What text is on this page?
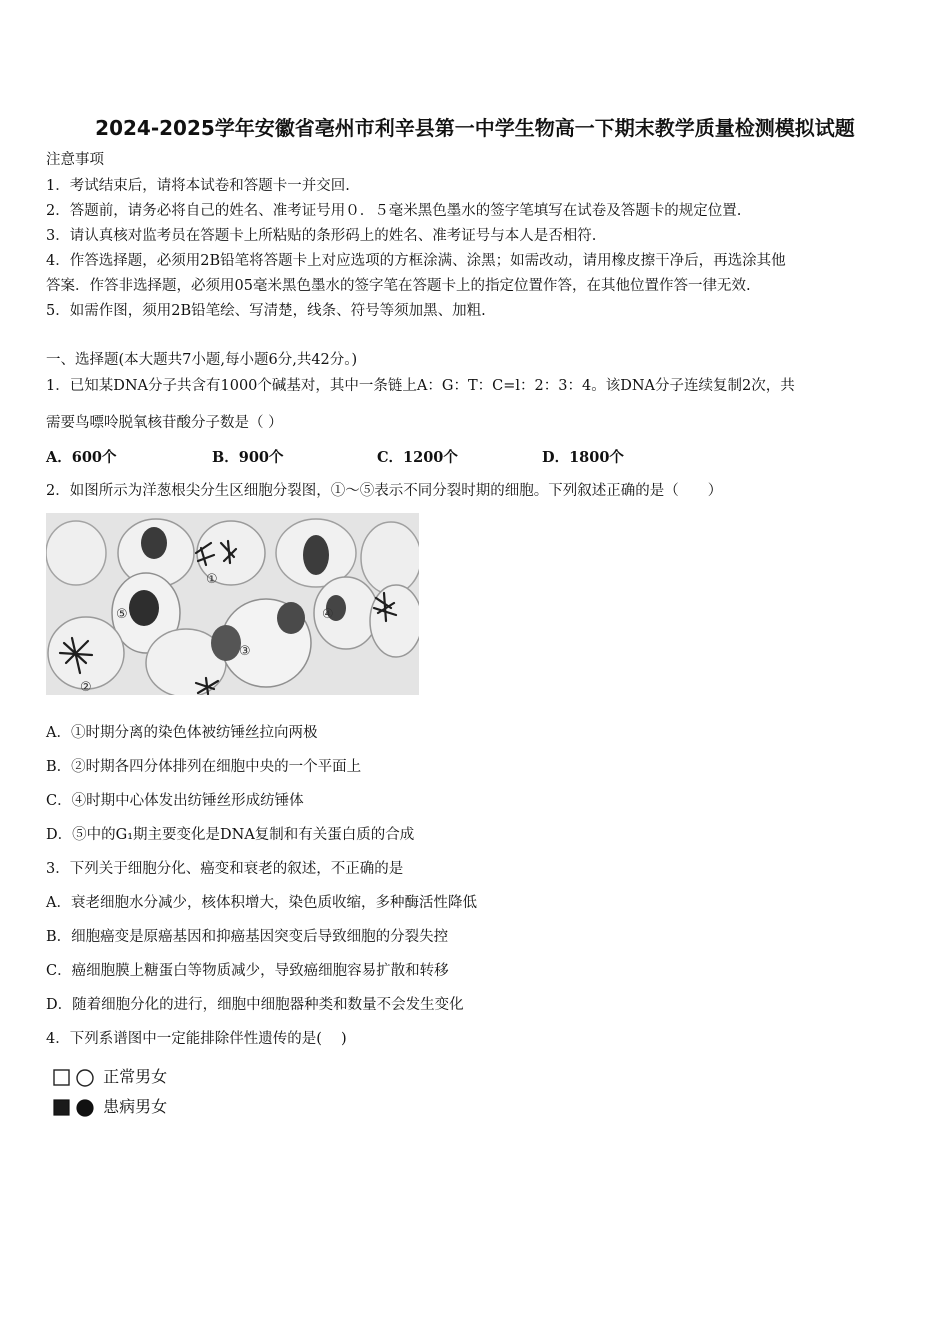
2024-2025学年安徽省亳州市利辛县第一中学生物高一下期末教学质量检测模拟试题
注意事项
1．考试结束后，请将本试卷和答题卡一并交回.
2．答题前，请务必将自己的姓名、准考证号用０．５毫米黑色墨水的签字笔填写在试卷及答题卡的规定位置.
3．请认真核对监考员在答题卡上所粘贴的条形码上的姓名、准考证号与本人是否相符.
4．作答选择题，必须用2B铅笔将答题卡上对应选项的方框涂满、涂黑；如需改动，请用橡皮擦干净后，再选涂其他
答案．作答非选择题，必须用05毫米黑色墨水的签字笔在答题卡上的指定位置作答，在其他位置作答一律无效.
5．如需作图，须用2B铅笔绘、写清楚，线条、符号等须加黑、加粗.
一、选择题(本大题共7小题,每小题6分,共42分。)
1．已知某DNA分子共含有1000个碱基对，其中一条链上A：G：T：C=l：2：3：4。该DNA分子连续复制2次，共
需要鸟嘌呤脱氧核苷酸分子数是（ ）
A．600个	B．900个	C．1200个	D．1800个
2．如图所示为洋葱根尖分生区细胞分裂图，①～⑤表示不同分裂时期的细胞。下列叙述正确的是（　　）
①
②
③
④
⑤
A．①时期分离的染色体被纺锤丝拉向两极
B．②时期各四分体排列在细胞中央的一个平面上
C．④时期中心体发出纺锤丝形成纺锤体
D．⑤中的G₁期主要变化是DNA复制和有关蛋白质的合成
3．下列关于细胞分化、癌变和衰老的叙述，不正确的是
A．衰老细胞水分减少，核体积增大，染色质收缩，多种酶活性降低
B．细胞癌变是原癌基因和抑癌基因突变后导致细胞的分裂失控
C．癌细胞膜上糖蛋白等物质减少，导致癌细胞容易扩散和转移
D．随着细胞分化的进行，细胞中细胞器种类和数量不会发生变化
4．下列系谱图中一定能排除伴性遗传的是(　 )
正常男女
患病男女
